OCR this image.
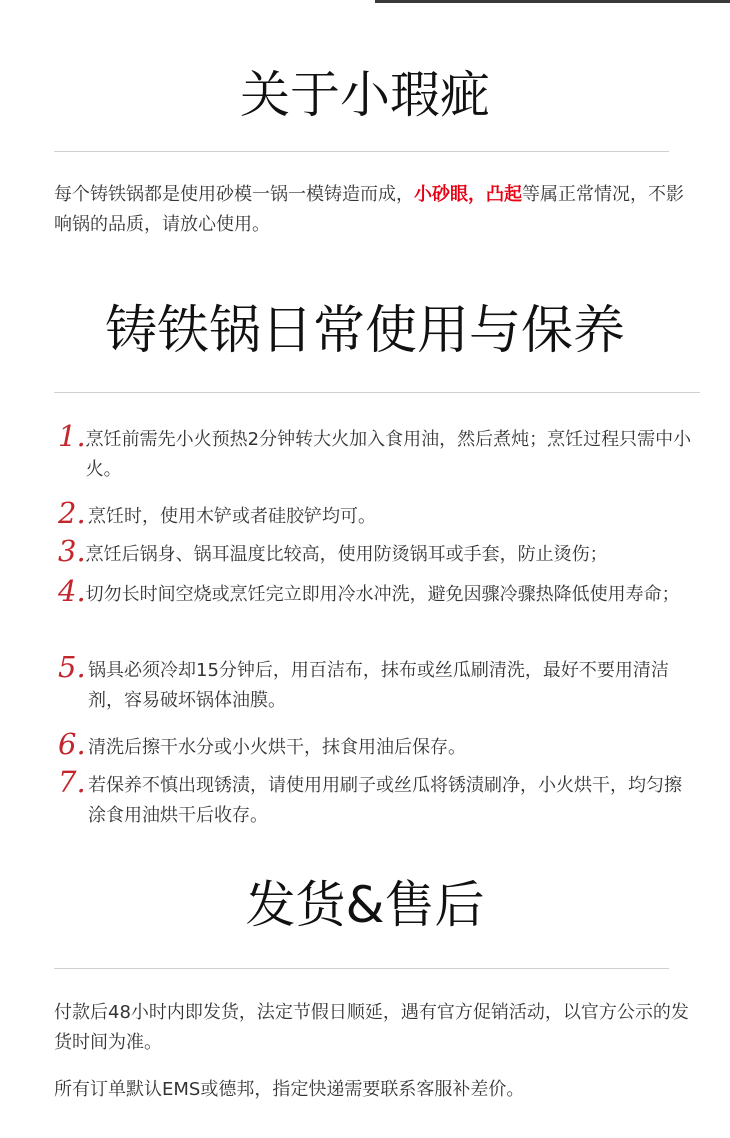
关于小瑕疵

每个铸铁锅都是使用砂模一锅一模铸造而成，小砂眼，凸起等属正常情况，不影响锅的品质，请放心使用。

铸铁锅日常使用与保养
1. 烹饪前需先小火预热2分钟转大火加入食用油，然后煮炖；烹饪过程只需中小火。
2. 烹饪时，使用木铲或者硅胶铲均可。
3. 烹饪后锅身、锅耳温度比较高，使用防烫锅耳或手套，防止烫伤；
4. 切勿长时间空烧或烹饪完立即用冷水冲洗，避免因骤冷骤热降低使用寿命；
5. 锅具必须冷却15分钟后，用百洁布，抹布或丝瓜刷清洗，最好不要用清洁剂，容易破坏锅体油膜。
6. 清洗后擦干水分或小火烘干，抹食用油后保存。
7. 若保养不慎出现锈渍，请使用用刷子或丝瓜将锈渍刷净，小火烘干，均匀擦涂食用油烘干后收存。
发货&售后

付款后48小时内即发货，法定节假日顺延，遇有官方促销活动，以官方公示的发货时间为准。

所有订单默认EMS或德邦，指定快递需要联系客服补差价。
